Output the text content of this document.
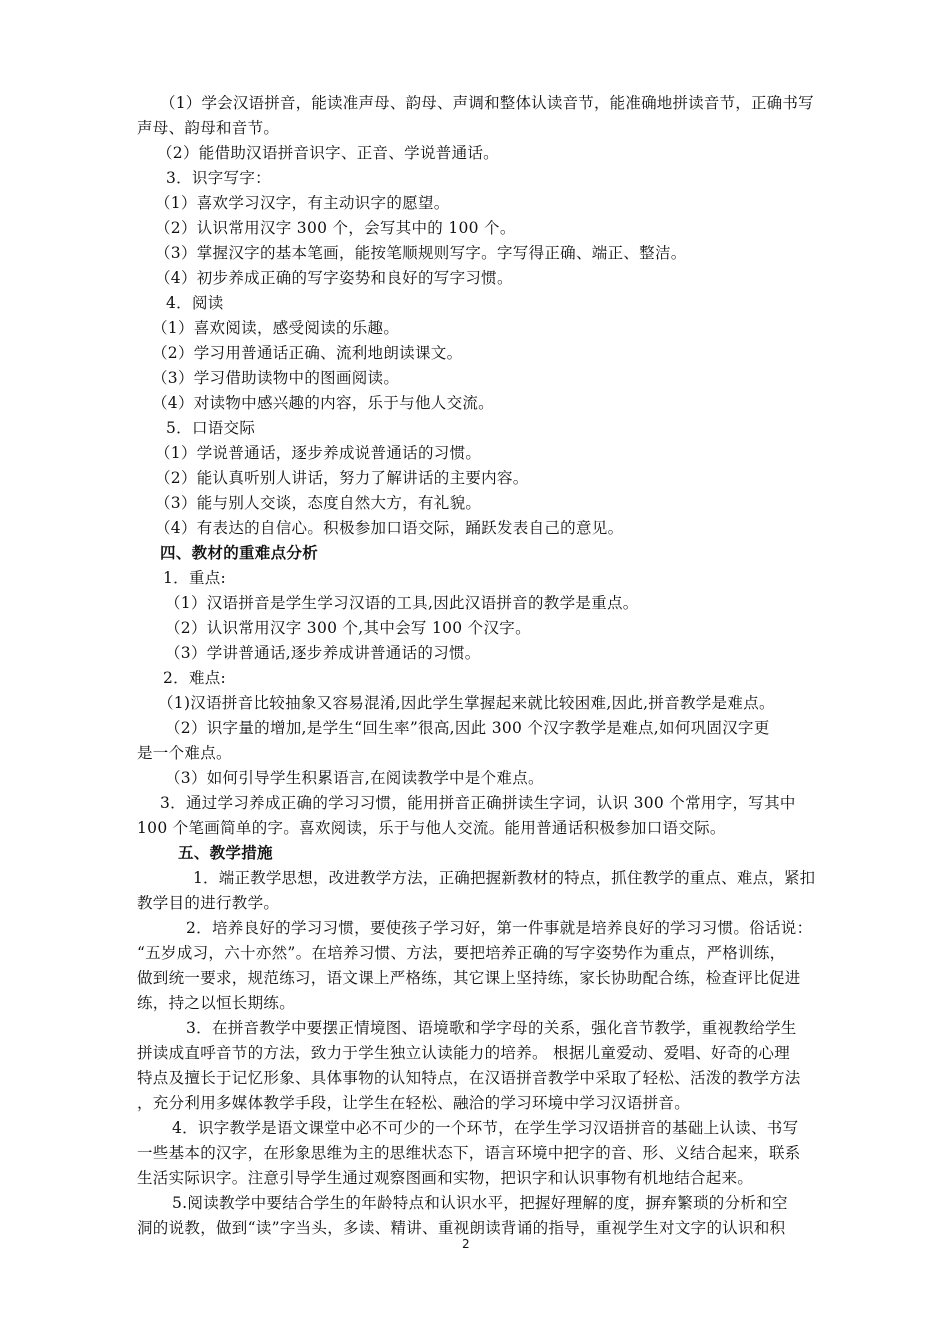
（1）学会汉语拼音，能读准声母、韵母、声调和整体认读音节，能准确地拼读音节，正确书写
声母、韵母和音节。
（2）能借助汉语拼音识字、正音、学说普通话。
3．识字写字：
（1）喜欢学习汉字，有主动识字的愿望。
（2）认识常用汉字 300 个，会写其中的 100 个。
（3）掌握汉字的基本笔画，能按笔顺规则写字。字写得正确、端正、整洁。
（4）初步养成正确的写字姿势和良好的写字习惯。
4．阅读
（1）喜欢阅读，感受阅读的乐趣。
（2）学习用普通话正确、流利地朗读课文。
（3）学习借助读物中的图画阅读。
（4）对读物中感兴趣的内容，乐于与他人交流。
5．口语交际
（1）学说普通话，逐步养成说普通话的习惯。
（2）能认真听别人讲话，努力了解讲话的主要内容。
（3）能与别人交谈，态度自然大方，有礼貌。
（4）有表达的自信心。积极参加口语交际，踊跃发表自己的意见。
四、教材的重难点分析
1．重点:
（1）汉语拼音是学生学习汉语的工具,因此汉语拼音的教学是重点。
（2）认识常用汉字 300 个,其中会写 100 个汉字。
（3）学讲普通话,逐步养成讲普通话的习惯。
2．难点:
（1)汉语拼音比较抽象又容易混淆,因此学生掌握起来就比较困难,因此,拼音教学是难点。
（2）识字量的增加,是学生“回生率”很高,因此 300 个汉字教学是难点,如何巩固汉字更
是一个难点。
（3）如何引导学生积累语言,在阅读教学中是个难点。
3．通过学习养成正确的学习习惯，能用拼音正确拼读生字词，认识 300 个常用字，写其中
100 个笔画简单的字。喜欢阅读，乐于与他人交流。能用普通话积极参加口语交际。
五、教学措施
1．端正教学思想，改进教学方法，正确把握新教材的特点，抓住教学的重点、难点，紧扣
教学目的进行教学。
2．培养良好的学习习惯，要使孩子学习好，第一件事就是培养良好的学习习惯。俗话说：
“五岁成习，六十亦然”。在培养习惯、方法，要把培养正确的写字姿势作为重点，严格训练，
做到统一要求，规范练习，语文课上严格练，其它课上坚持练，家长协助配合练，检查评比促进
练，持之以恒长期练。
3．在拼音教学中要摆正情境图、语境歌和学字母的关系，强化音节教学，重视教给学生
拼读成直呼音节的方法，致力于学生独立认读能力的培养。 根据儿童爱动、爱唱、好奇的心理
特点及擅长于记忆形象、具体事物的认知特点，在汉语拼音教学中采取了轻松、活泼的教学方法
，充分利用多媒体教学手段，让学生在轻松、融洽的学习环境中学习汉语拼音。
4．识字教学是语文课堂中必不可少的一个环节，在学生学习汉语拼音的基础上认读、书写
一些基本的汉字，在形象思维为主的思维状态下，语言环境中把字的音、形、义结合起来，联系
生活实际识字。注意引导学生通过观察图画和实物，把识字和认识事物有机地结合起来。
5.阅读教学中要结合学生的年龄特点和认识水平，把握好理解的度，摒弃繁琐的分析和空
洞的说教，做到“读”字当头，多读、精讲、重视朗读背诵的指导，重视学生对文字的认识和积
2
